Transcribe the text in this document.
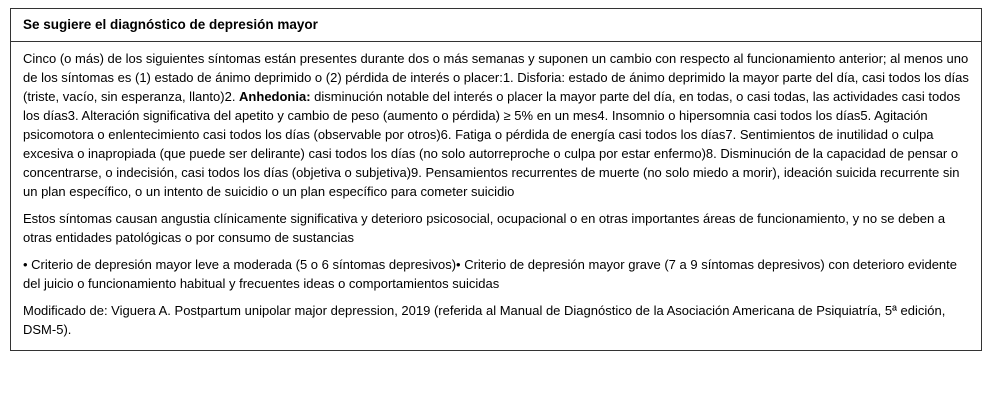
Se sugiere el diagnóstico de depresión mayor

Cinco (o más) de los siguientes síntomas están presentes durante dos o más semanas y suponen un cambio con respecto al funcionamiento anterior; al menos uno de los síntomas es (1) estado de ánimo deprimido o (2) pérdida de interés o placer:1. Disforia: estado de ánimo deprimido la mayor parte del día, casi todos los días (triste, vacío, sin esperanza, llanto)2. Anhedonia: disminución notable del interés o placer la mayor parte del día, en todas, o casi todas, las actividades casi todos los días3. Alteración significativa del apetito y cambio de peso (aumento o pérdida) ≥ 5% en un mes4. Insomnio o hipersomnia casi todos los días5. Agitación psicomotora o enlentecimiento casi todos los días (observable por otros)6. Fatiga o pérdida de energía casi todos los días7. Sentimientos de inutilidad o culpa excesiva o inapropiada (que puede ser delirante) casi todos los días (no solo autorreproche o culpa por estar enfermo)8. Disminución de la capacidad de pensar o concentrarse, o indecisión, casi todos los días (objetiva o subjetiva)9. Pensamientos recurrentes de muerte (no solo miedo a morir), ideación suicida recurrente sin un plan específico, o un intento de suicidio o un plan específico para cometer suicidio

Estos síntomas causan angustia clínicamente significativa y deterioro psicosocial, ocupacional o en otras importantes áreas de funcionamiento, y no se deben a otras entidades patológicas o por consumo de sustancias

• Criterio de depresión mayor leve a moderada (5 o 6 síntomas depresivos)• Criterio de depresión mayor grave (7 a 9 síntomas depresivos) con deterioro evidente del juicio o funcionamiento habitual y frecuentes ideas o comportamientos suicidas

Modificado de: Viguera A. Postpartum unipolar major depression, 2019 (referida al Manual de Diagnóstico de la Asociación Americana de Psiquiatría, 5ª edición, DSM-5).
